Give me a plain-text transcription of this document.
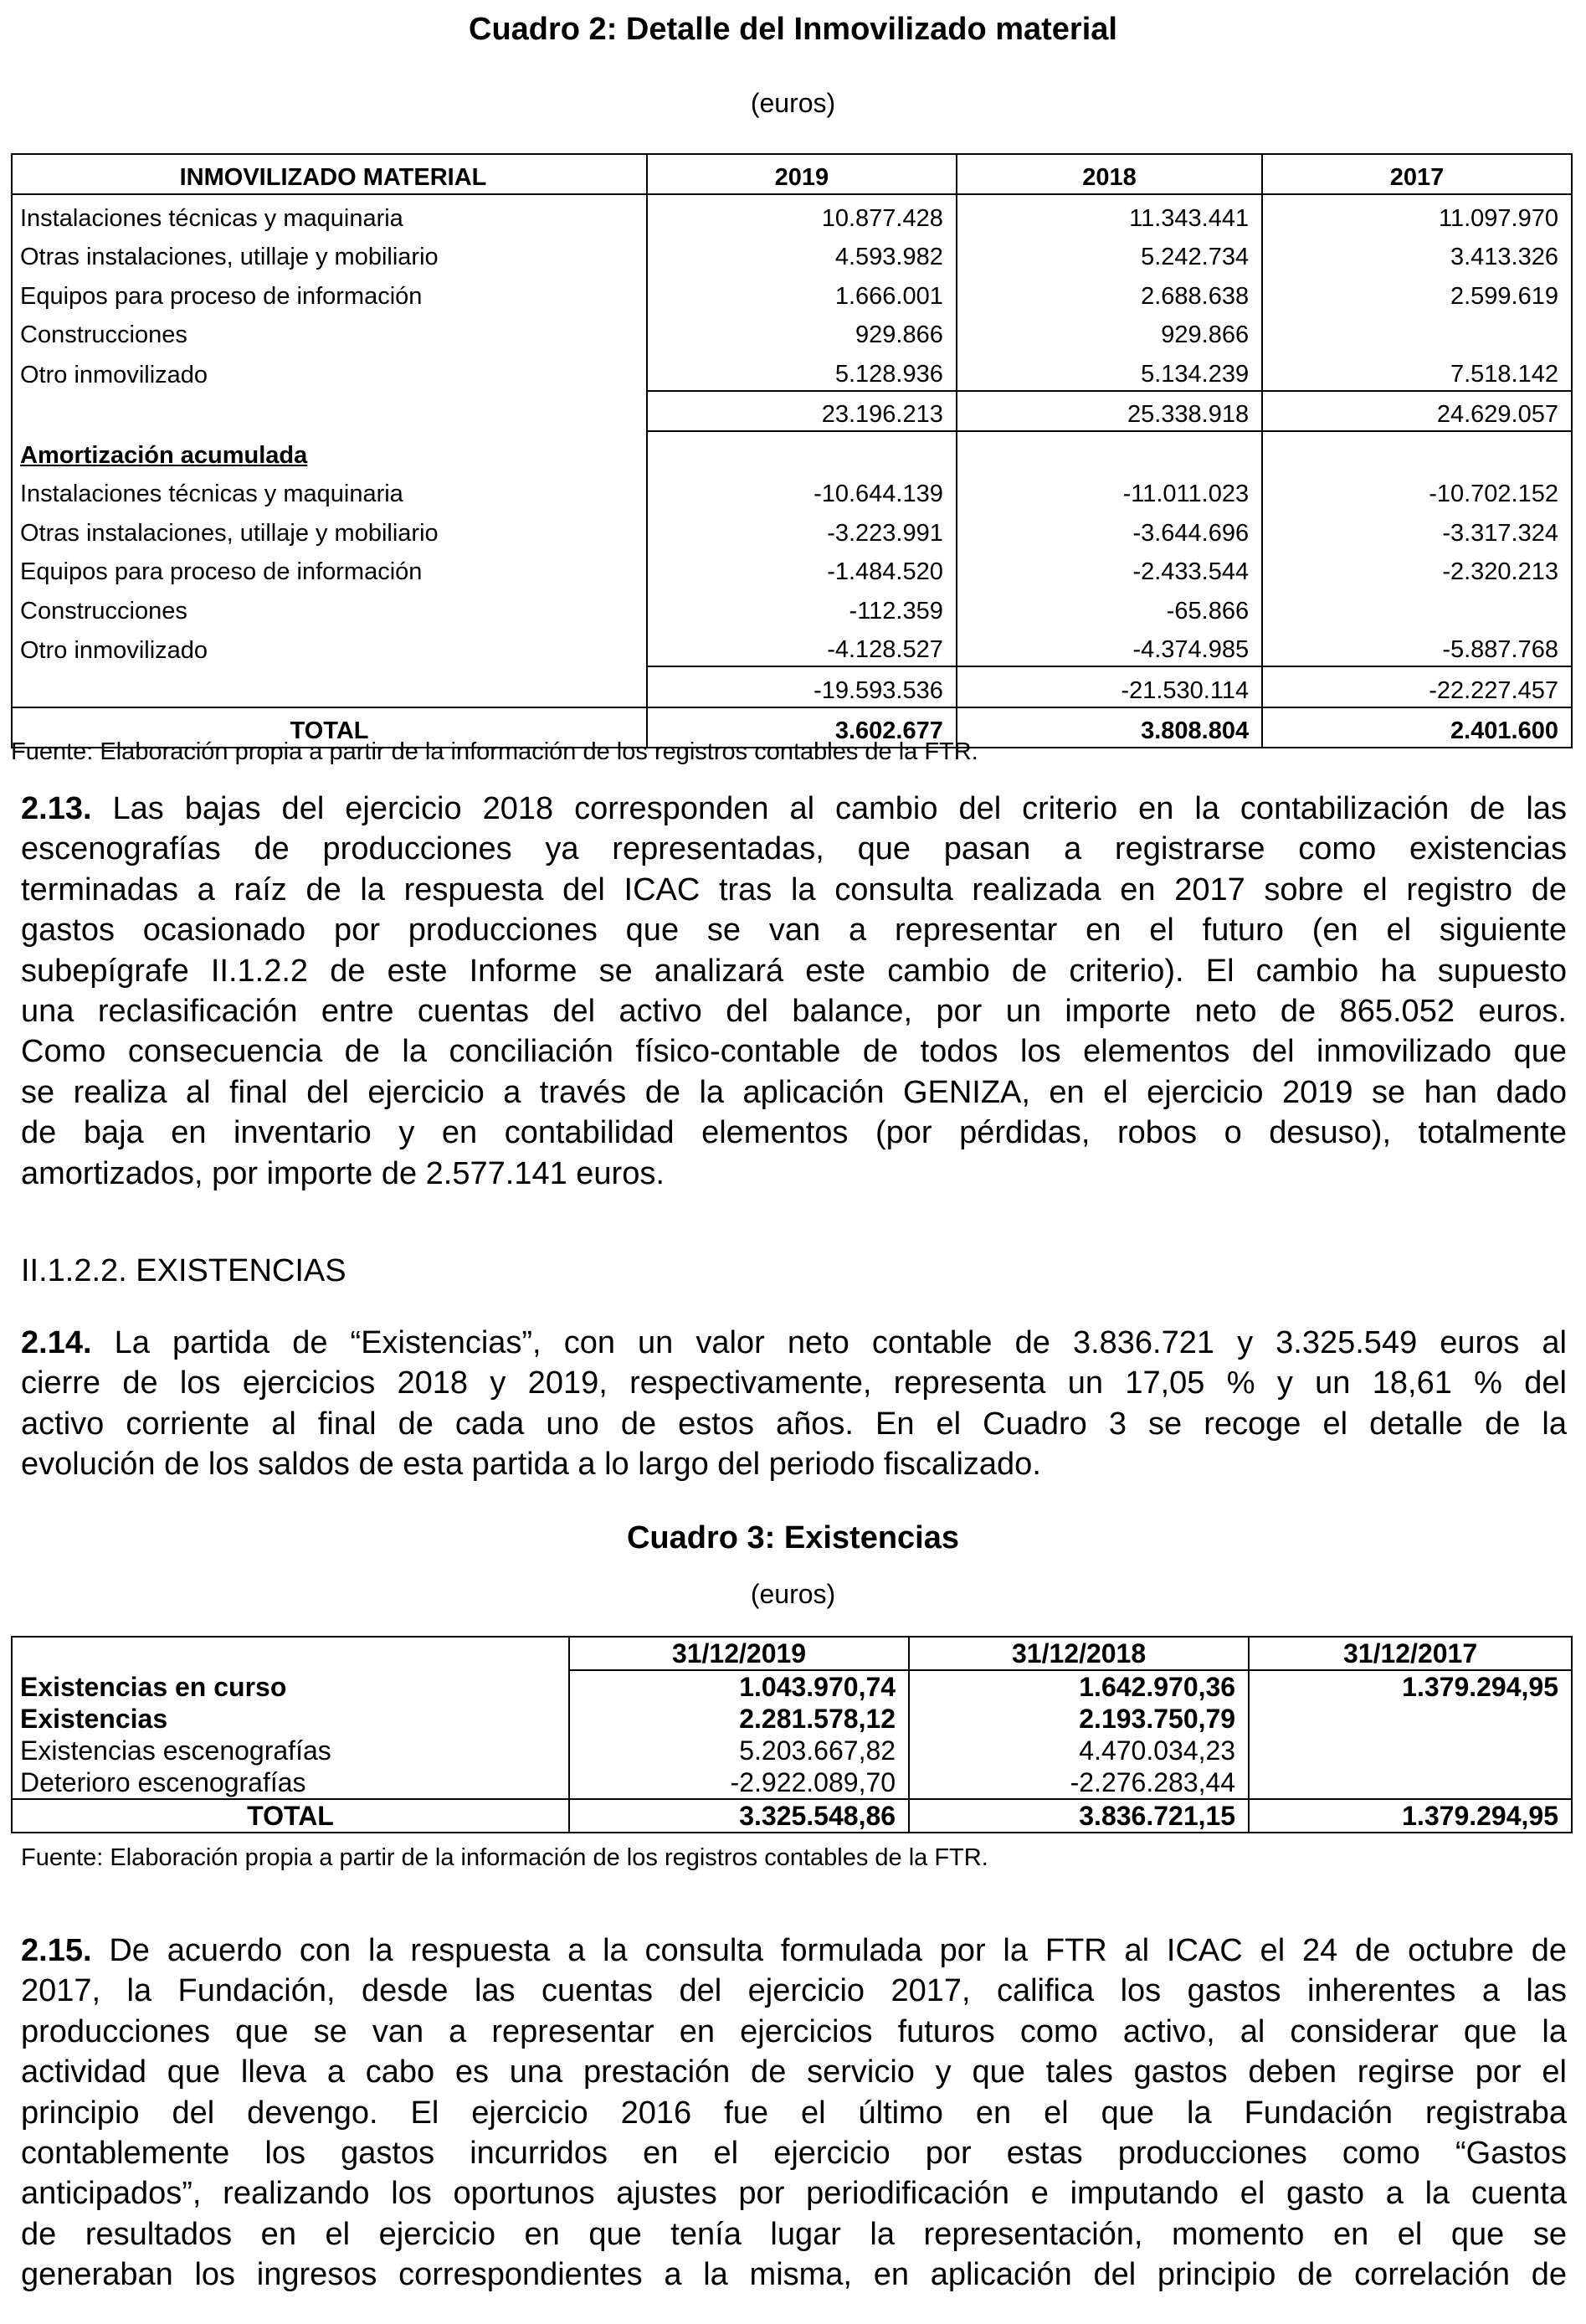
Cuadro 2: Detalle del Inmovilizado material
(euros)
INMOVILIZADO MATERIAL	2019	2018	2017
Instalaciones técnicas y maquinaria	10.877.428	11.343.441	11.097.970
Otras instalaciones, utillaje y mobiliario	4.593.982	5.242.734	3.413.326
Equipos para proceso de información	1.666.001	2.688.638	2.599.619
Construcciones	929.866	929.866	
Otro inmovilizado	5.128.936	5.134.239	7.518.142
	23.196.213	25.338.918	24.629.057
Amortización acumulada			
Instalaciones técnicas y maquinaria	-10.644.139	-11.011.023	-10.702.152
Otras instalaciones, utillaje y mobiliario	-3.223.991	-3.644.696	-3.317.324
Equipos para proceso de información	-1.484.520	-2.433.544	-2.320.213
Construcciones	-112.359	-65.866	
Otro inmovilizado	-4.128.527	-4.374.985	-5.887.768
	-19.593.536	-21.530.114	-22.227.457
TOTAL	3.602.677	3.808.804	2.401.600
Fuente: Elaboración propia a partir de la información de los registros contables de la FTR.
2.13. Las bajas del ejercicio 2018 corresponden al cambio del criterio en la contabilización de las
escenografías de producciones ya representadas, que pasan a registrarse como existencias
terminadas a raíz de la respuesta del ICAC tras la consulta realizada en 2017 sobre el registro de
gastos ocasionado por producciones que se van a representar en el futuro (en el siguiente
subepígrafe II.1.2.2 de este Informe se analizará este cambio de criterio). El cambio ha supuesto
una reclasificación entre cuentas del activo del balance, por un importe neto de 865.052 euros.
Como consecuencia de la conciliación físico-contable de todos los elementos del inmovilizado que
se realiza al final del ejercicio a través de la aplicación GENIZA, en el ejercicio 2019 se han dado
de baja en inventario y en contabilidad elementos (por pérdidas, robos o desuso), totalmente
amortizados, por importe de 2.577.141 euros.
II.1.2.2. EXISTENCIAS
2.14. La partida de “Existencias”, con un valor neto contable de 3.836.721 y 3.325.549 euros al
cierre de los ejercicios 2018 y 2019, respectivamente, representa un 17,05 % y un 18,61 % del
activo corriente al final de cada uno de estos años. En el Cuadro 3 se recoge el detalle de la
evolución de los saldos de esta partida a lo largo del periodo fiscalizado.
Cuadro 3: Existencias
(euros)
	31/12/2019	31/12/2018	31/12/2017
Existencias en curso	1.043.970,74	1.642.970,36	1.379.294,95
Existencias	2.281.578,12	2.193.750,79	
Existencias escenografías	5.203.667,82	4.470.034,23	
Deterioro escenografías	-2.922.089,70	-2.276.283,44	
TOTAL	3.325.548,86	3.836.721,15	1.379.294,95
Fuente: Elaboración propia a partir de la información de los registros contables de la FTR.
2.15. De acuerdo con la respuesta a la consulta formulada por la FTR al ICAC el 24 de octubre de
2017, la Fundación, desde las cuentas del ejercicio 2017, califica los gastos inherentes a las
producciones que se van a representar en ejercicios futuros como activo, al considerar que la
actividad que lleva a cabo es una prestación de servicio y que tales gastos deben regirse por el
principio del devengo. El ejercicio 2016 fue el último en el que la Fundación registraba
contablemente los gastos incurridos en el ejercicio por estas producciones como “Gastos
anticipados”, realizando los oportunos ajustes por periodificación e imputando el gasto a la cuenta
de resultados en el ejercicio en que tenía lugar la representación, momento en el que se
generaban los ingresos correspondientes a la misma, en aplicación del principio de correlación de
